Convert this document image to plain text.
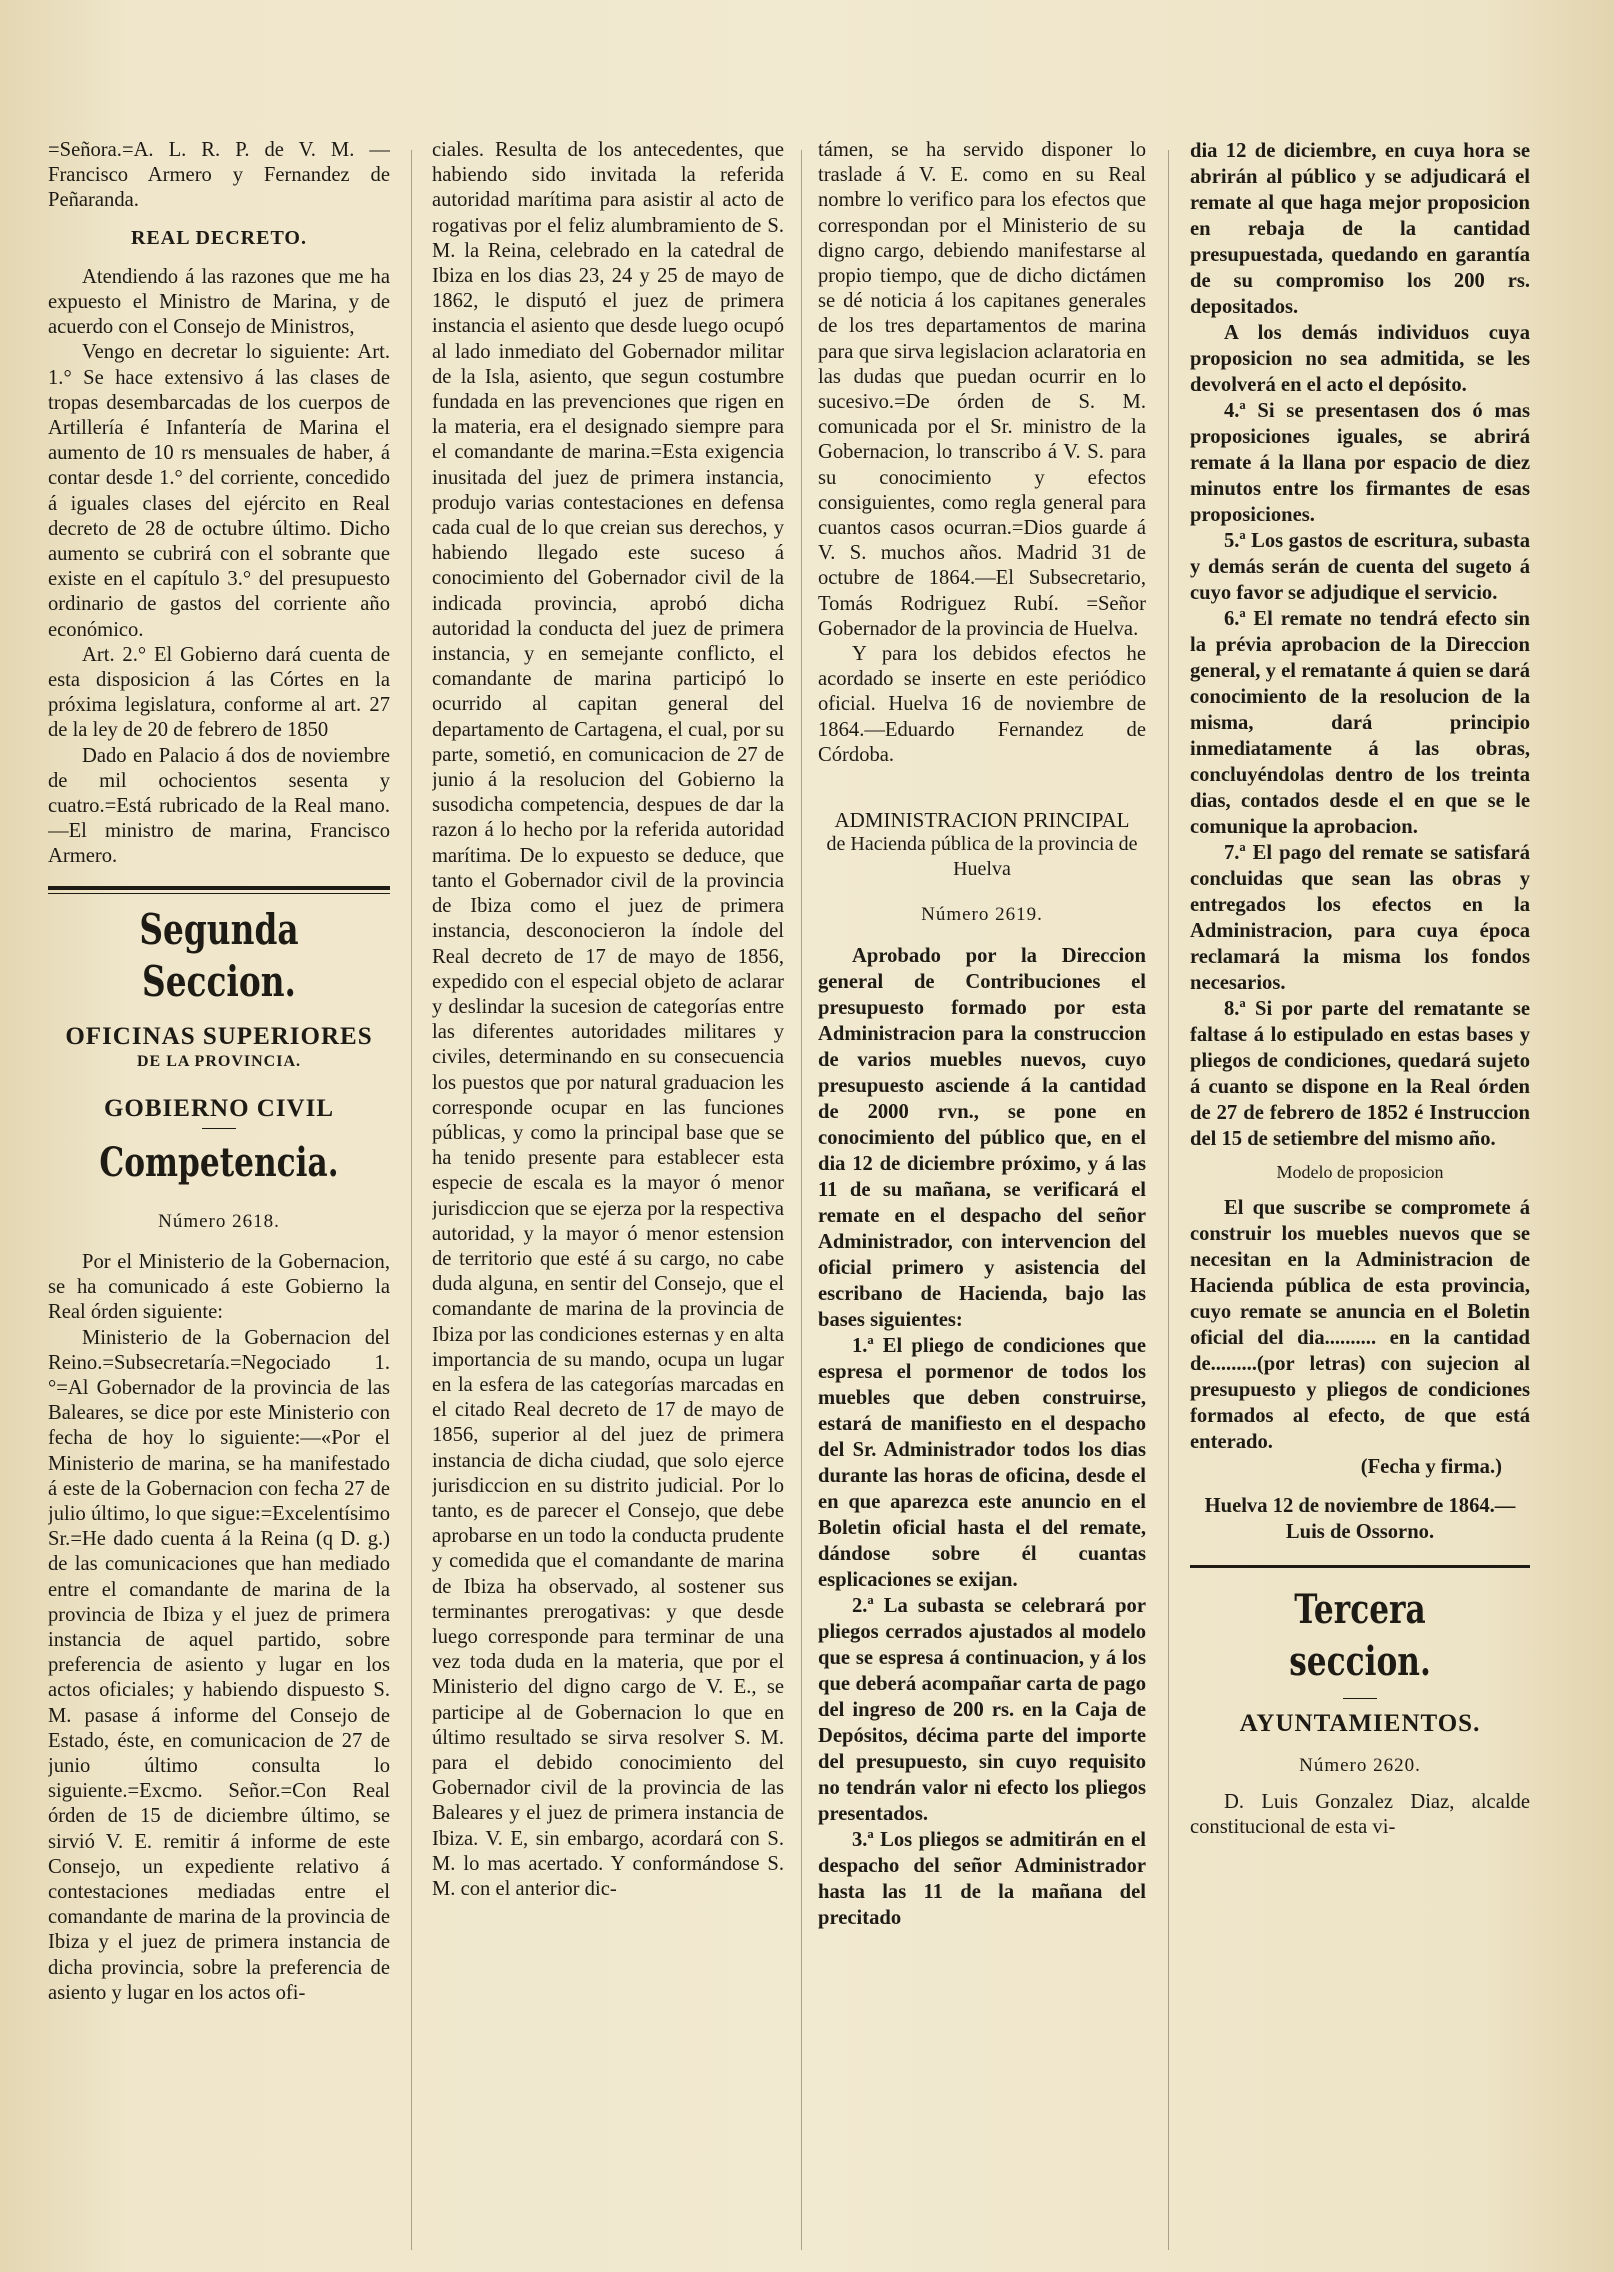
=Señora.=A. L. R. P. de V. M. —Francisco Armero y Fernandez de Peñaranda.

REAL DECRETO.

Atendiendo á las razones que me ha expuesto el Ministro de Marina, y de acuerdo con el Consejo de Ministros,

Vengo en decretar lo siguiente: Art. 1.° Se hace extensivo á las clases de tropas desembarcadas de los cuerpos de Artillería é Infantería de Marina el aumento de 10 rs mensuales de haber, á contar desde 1.° del corriente, concedido á iguales clases del ejército en Real decreto de 28 de octubre último. Dicho aumento se cubrirá con el sobrante que existe en el capítulo 3.° del presupuesto ordinario de gastos del corriente año económico.

Art. 2.° El Gobierno dará cuenta de esta disposicion á las Córtes en la próxima legislatura, conforme al art. 27 de la ley de 20 de febrero de 1850

Dado en Palacio á dos de noviembre de mil ochocientos sesenta y cuatro.=Está rubricado de la Real mano.—El ministro de marina, Francisco Armero.

Segunda Seccion.

OFICINAS SUPERIORES

DE LA PROVINCIA.

GOBIERNO CIVIL

Competencia.

Número 2618.

Por el Ministerio de la Gobernacion, se ha comunicado á este Gobierno la Real órden siguiente:

Ministerio de la Gobernacion del Reino.=Subsecretaría.=Negociado 1.°=Al Gobernador de la provincia de las Baleares, se dice por este Ministerio con fecha de hoy lo siguiente:—«Por el Ministerio de marina, se ha manifestado á este de la Gobernacion con fecha 27 de julio último, lo que sigue:=Excelentísimo Sr.=He dado cuenta á la Reina (q D. g.) de las comunicaciones que han mediado entre el comandante de marina de la provincia de Ibiza y el juez de primera instancia de aquel partido, sobre preferencia de asiento y lugar en los actos oficiales; y habiendo dispuesto S. M. pasase á informe del Consejo de Estado, éste, en comunicacion de 27 de junio último consulta lo siguiente.=Excmo. Señor.=Con Real órden de 15 de diciembre último, se sirvió V. E. remitir á informe de este Consejo, un expediente relativo á contestaciones mediadas entre el comandante de marina de la provincia de Ibiza y el juez de primera instancia de dicha provincia, sobre la preferencia de asiento y lugar en los actos ofi-

ciales. Resulta de los antecedentes, que habiendo sido invitada la referida autoridad marítima para asistir al acto de rogativas por el feliz alumbramiento de S. M. la Reina, celebrado en la catedral de Ibiza en los dias 23, 24 y 25 de mayo de 1862, le disputó el juez de primera instancia el asiento que desde luego ocupó al lado inmediato del Gobernador militar de la Isla, asiento, que segun costumbre fundada en las prevenciones que rigen en la materia, era el designado siempre para el comandante de marina.=Esta exigencia inusitada del juez de primera instancia, produjo varias contestaciones en defensa cada cual de lo que creian sus derechos, y habiendo llegado este suceso á conocimiento del Gobernador civil de la indicada provincia, aprobó dicha autoridad la conducta del juez de primera instancia, y en semejante conflicto, el comandante de marina participó lo ocurrido al capitan general del departamento de Cartagena, el cual, por su parte, sometió, en comunicacion de 27 de junio á la resolucion del Gobierno la susodicha competencia, despues de dar la razon á lo hecho por la referida autoridad marítima. De lo expuesto se deduce, que tanto el Gobernador civil de la provincia de Ibiza como el juez de primera instancia, desconocieron la índole del Real decreto de 17 de mayo de 1856, expedido con el especial objeto de aclarar y deslindar la sucesion de categorías entre las diferentes autoridades militares y civiles, determinando en su consecuencia los puestos que por natural graduacion les corresponde ocupar en las funciones públicas, y como la principal base que se ha tenido presente para establecer esta especie de escala es la mayor ó menor jurisdiccion que se ejerza por la respectiva autoridad, y la mayor ó menor estension de territorio que esté á su cargo, no cabe duda alguna, en sentir del Consejo, que el comandante de marina de la provincia de Ibiza por las condiciones esternas y en alta importancia de su mando, ocupa un lugar en la esfera de las categorías marcadas en el citado Real decreto de 17 de mayo de 1856, superior al del juez de primera instancia de dicha ciudad, que solo ejerce jurisdiccion en su distrito judicial. Por lo tanto, es de parecer el Consejo, que debe aprobarse en un todo la conducta prudente y comedida que el comandante de marina de Ibiza ha observado, al sostener sus terminantes prerogativas: y que desde luego corresponde para terminar de una vez toda duda en la materia, que por el Ministerio del digno cargo de V. E., se participe al de Gobernacion lo que en último resultado se sirva resolver S. M. para el debido conocimiento del Gobernador civil de la provincia de las Baleares y el juez de primera instancia de Ibiza. V. E, sin embargo, acordará con S. M. lo mas acertado. Y conformándose S. M. con el anterior dic-

támen, se ha servido disponer lo traslade á V. E. como en su Real nombre lo verifico para los efectos que correspondan por el Ministerio de su digno cargo, debiendo manifestarse al propio tiempo, que de dicho dictámen se dé noticia á los capitanes generales de los tres departamentos de marina para que sirva legislacion aclaratoria en las dudas que puedan ocurrir en lo sucesivo.=De órden de S. M. comunicada por el Sr. ministro de la Gobernacion, lo transcribo á V. S. para su conocimiento y efectos consiguientes, como regla general para cuantos casos ocurran.=Dios guarde á V. S. muchos años. Madrid 31 de octubre de 1864.—El Subsecretario, Tomás Rodriguez Rubí. =Señor Gobernador de la provincia de Huelva.

Y para los debidos efectos he acordado se inserte en este periódico oficial. Huelva 16 de noviembre de 1864.—Eduardo Fernandez de Córdoba.

ADMINISTRACION PRINCIPAL

de Hacienda pública de la provincia de Huelva

Número 2619.

Aprobado por la Direccion general de Contribuciones el presupuesto formado por esta Administracion para la construccion de varios muebles nuevos, cuyo presupuesto asciende á la cantidad de 2000 rvn., se pone en conocimiento del público que, en el dia 12 de diciembre próximo, y á las 11 de su mañana, se verificará el remate en el despacho del señor Administrador, con intervencion del oficial primero y asistencia del escribano de Hacienda, bajo las bases siguientes:

1.ª El pliego de condiciones que espresa el pormenor de todos los muebles que deben construirse, estará de manifiesto en el despacho del Sr. Administrador todos los dias durante las horas de oficina, desde el en que aparezca este anuncio en el Boletin oficial hasta el del remate, dándose sobre él cuantas esplicaciones se exijan.

2.ª La subasta se celebrará por pliegos cerrados ajustados al modelo que se espresa á continuacion, y á los que deberá acompañar carta de pago del ingreso de 200 rs. en la Caja de Depósitos, décima parte del importe del presupuesto, sin cuyo requisito no tendrán valor ni efecto los pliegos presentados.

3.ª Los pliegos se admitirán en el despacho del señor Administrador hasta las 11 de la mañana del precitado

dia 12 de diciembre, en cuya hora se abrirán al público y se adjudicará el remate al que haga mejor proposicion en rebaja de la cantidad presupuestada, quedando en garantía de su compromiso los 200 rs. depositados.

A los demás individuos cuya proposicion no sea admitida, se les devolverá en el acto el depósito.

4.ª Si se presentasen dos ó mas proposiciones iguales, se abrirá remate á la llana por espacio de diez minutos entre los firmantes de esas proposiciones.

5.ª Los gastos de escritura, subasta y demás serán de cuenta del sugeto á cuyo favor se adjudique el servicio.

6.ª El remate no tendrá efecto sin la prévia aprobacion de la Direccion general, y el rematante á quien se dará conocimiento de la resolucion de la misma, dará principio inmediatamente á las obras, concluyéndolas dentro de los treinta dias, contados desde el en que se le comunique la aprobacion.

7.ª El pago del remate se satisfará concluidas que sean las obras y entregados los efectos en la Administracion, para cuya época reclamará la misma los fondos necesarios.

8.ª Si por parte del rematante se faltase á lo estipulado en estas bases y pliegos de condiciones, quedará sujeto á cuanto se dispone en la Real órden de 27 de febrero de 1852 é Instruccion del 15 de setiembre del mismo año.

Modelo de proposicion

El que suscribe se compromete á construir los muebles nuevos que se necesitan en la Administracion de Hacienda pública de esta provincia, cuyo remate se anuncia en el Boletin oficial del dia.......... en la cantidad de.........(por letras) con sujecion al presupuesto y pliegos de condiciones formados al efecto, de que está enterado.

(Fecha y firma.)

Huelva 12 de noviembre de 1864.—Luis de Ossorno.

Tercera seccion.

AYUNTAMIENTOS.

Número 2620.

D. Luis Gonzalez Diaz, alcalde constitucional de esta vi-
